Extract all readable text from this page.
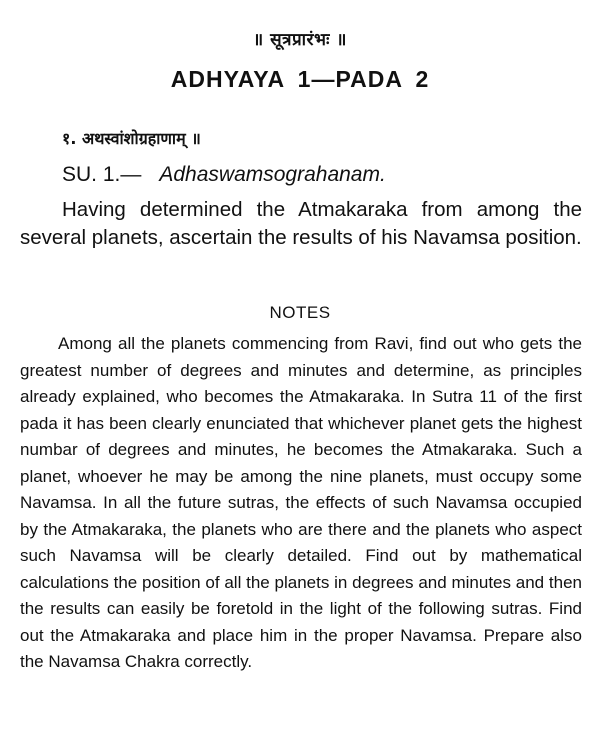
॥ सूत्रप्रारंभः ॥
ADHYAYA 1—PADA 2
१. अथस्वांशोग्रहाणाम् ॥
SU. 1.— Adhaswamsograhanam.

Having determined the Atmakaraka from among the several planets, ascertain the results of his Navamsa position.

NOTES

Among all the planets commencing from Ravi, find out who gets the greatest number of degrees and minutes and determine, as principles already explained, who becomes the Atmakaraka. In Sutra 11 of the first pada it has been clearly enunciated that whichever planet gets the highest numbar of degrees and minutes, he becomes the Atmakaraka. Such a planet, whoever he may be among the nine planets, must occupy some Navamsa. In all the future sutras, the effects of such Navamsa occupied by the Atmakaraka, the planets who are there and the planets who aspect such Navamsa will be clearly detailed. Find out by mathematical calculations the position of all the planets in degrees and minutes and then the results can easily be foretold in the light of the following sutras. Find out the Atmakaraka and place him in the proper Navamsa. Prepare also the Navamsa Chakra correctly.
